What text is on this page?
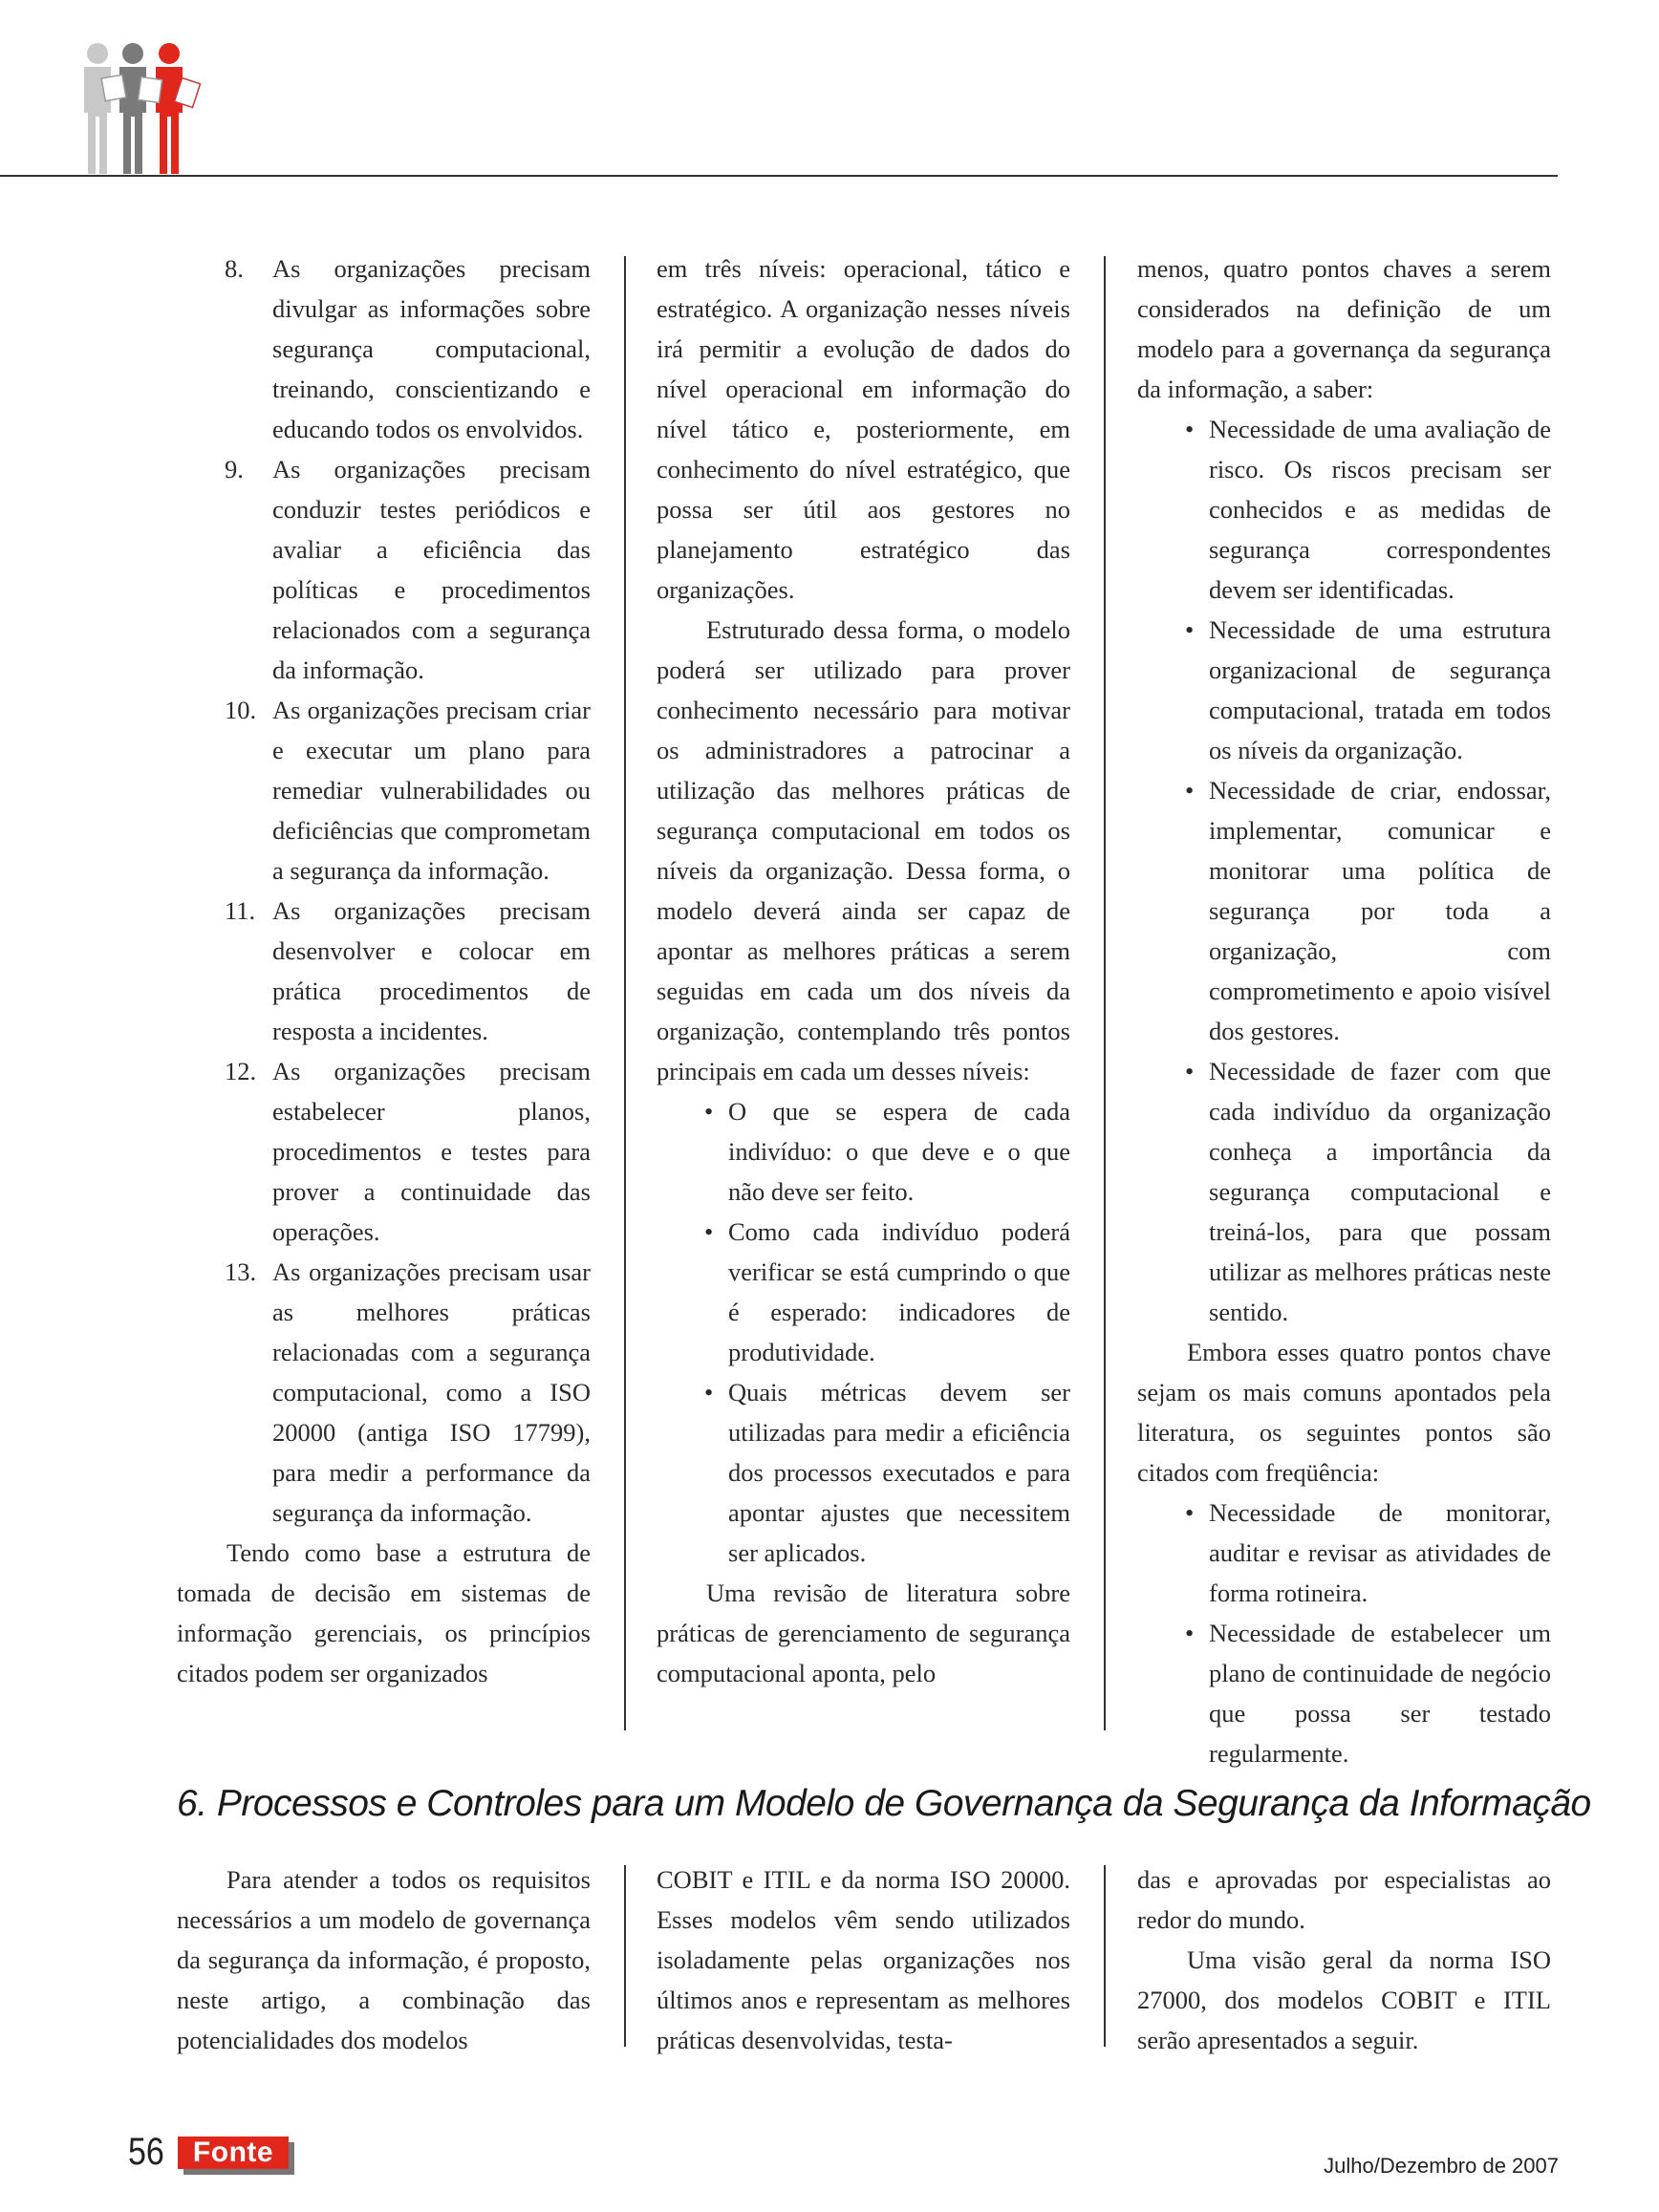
8. As organizações precisam divulgar as informações sobre segurança computacional, treinando, conscientizando e educando todos os envolvidos.
9. As organizações precisam conduzir testes periódicos e avaliar a eficiência das políticas e procedimentos relacionados com a segurança da informação.
10. As organizações precisam criar e executar um plano para remediar vulnerabilidades ou deficiências que comprometam a segurança da informação.
11. As organizações precisam desenvolver e colocar em prática procedimentos de resposta a incidentes.
12. As organizações precisam estabelecer planos, procedimentos e testes para prover a continuidade das operações.
13. As organizações precisam usar as melhores práticas relacionadas com a segurança computacional, como a ISO 20000 (antiga ISO 17799), para medir a performance da segurança da informação.

Tendo como base a estrutura de tomada de decisão em sistemas de informação gerenciais, os princípios citados podem ser organizados

em três níveis: operacional, tático e estratégico. A organização nesses níveis irá permitir a evolução de dados do nível operacional em informação do nível tático e, posteriormente, em conhecimento do nível estratégico, que possa ser útil aos gestores no planejamento estratégico das organizações.

Estruturado dessa forma, o modelo poderá ser utilizado para prover conhecimento necessário para motivar os administradores a patrocinar a utilização das melhores práticas de segurança computacional em todos os níveis da organização. Dessa forma, o modelo deverá ainda ser capaz de apontar as melhores práticas a serem seguidas em cada um dos níveis da organização, contemplando três pontos principais em cada um desses níveis:

• O que se espera de cada indivíduo: o que deve e o que não deve ser feito.
• Como cada indivíduo poderá verificar se está cumprindo o que é esperado: indicadores de produtividade.
• Quais métricas devem ser utilizadas para medir a eficiência dos processos executados e para apontar ajustes que necessitem ser aplicados.

Uma revisão de literatura sobre práticas de gerenciamento de segurança computacional aponta, pelo

menos, quatro pontos chaves a serem considerados na definição de um modelo para a governança da segurança da informação, a saber:

• Necessidade de uma avaliação de risco. Os riscos precisam ser conhecidos e as medidas de segurança correspondentes devem ser identificadas.
• Necessidade de uma estrutura organizacional de segurança computacional, tratada em todos os níveis da organização.
• Necessidade de criar, endossar, implementar, comunicar e monitorar uma política de segurança por toda a organização, com comprometimento e apoio visível dos gestores.
• Necessidade de fazer com que cada indivíduo da organização conheça a importância da segurança computacional e treiná-los, para que possam utilizar as melhores práticas neste sentido.

Embora esses quatro pontos chave sejam os mais comuns apontados pela literatura, os seguintes pontos são citados com freqüência:

• Necessidade de monitorar, auditar e revisar as atividades de forma rotineira.
• Necessidade de estabelecer um plano de continuidade de negócio que possa ser testado regularmente.
6. Processos e Controles para um Modelo de Governança da Segurança da Informação

Para atender a todos os requisitos necessários a um modelo de governança da segurança da informação, é proposto, neste artigo, a combinação das potencialidades dos modelos

COBIT e ITIL e da norma ISO 20000. Esses modelos vêm sendo utilizados isoladamente pelas organizações nos últimos anos e representam as melhores práticas desenvolvidas, testa-

das e aprovadas por especialistas ao redor do mundo.

Uma visão geral da norma ISO 27000, dos modelos COBIT e ITIL serão apresentados a seguir.

56	Fonte	Julho/Dezembro de 2007
